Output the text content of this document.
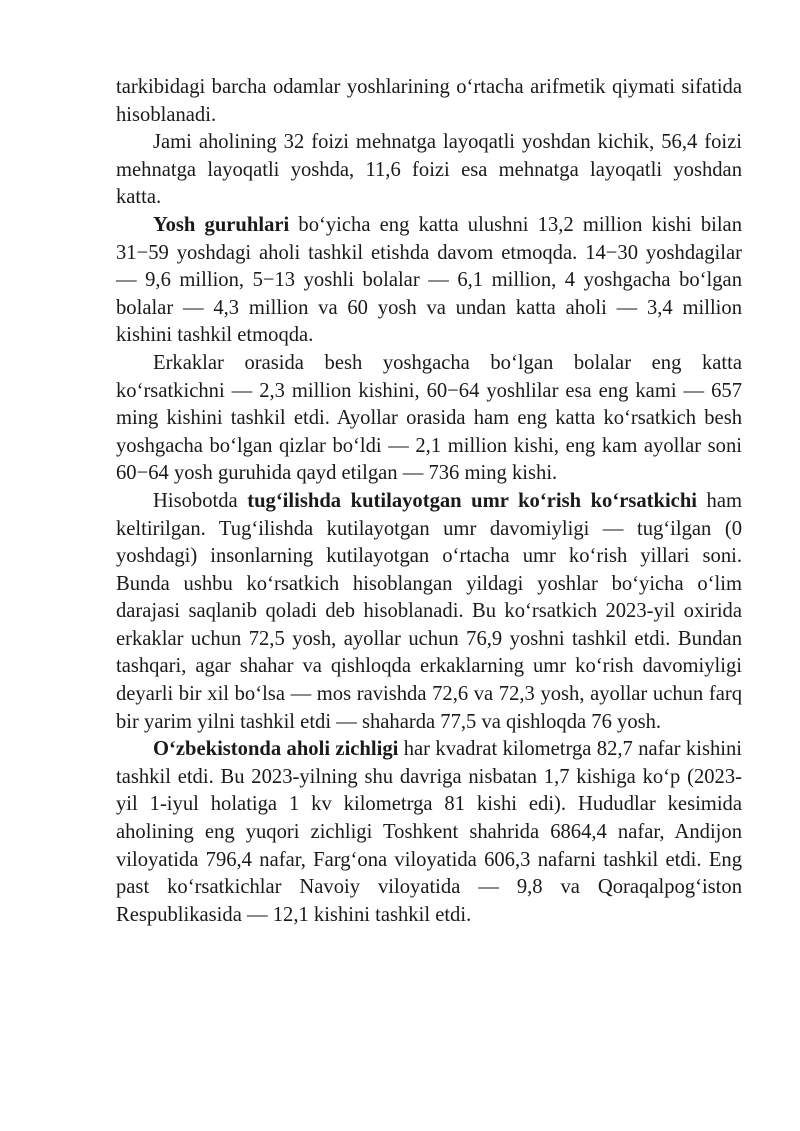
tarkibidagi barcha odamlar yoshlarining o‘rtacha arifmetik qiymati sifatida hisoblanadi.

Jami aholining 32 foizi mehnatga layoqatli yoshdan kichik, 56,4 foizi mehnatga layoqatli yoshda, 11,6 foizi esa mehnatga layoqatli yoshdan katta.

Yosh guruhlari bo‘yicha eng katta ulushni 13,2 million kishi bilan 31−59 yoshdagi aholi tashkil etishda davom etmoqda. 14−30 yoshdagilar — 9,6 million, 5−13 yoshli bolalar — 6,1 million, 4 yoshgacha bo‘lgan bolalar — 4,3 million va 60 yosh va undan katta aholi — 3,4 million kishini tashkil etmoqda.

Erkaklar orasida besh yoshgacha bo‘lgan bolalar eng katta ko‘rsatkichni — 2,3 million kishini, 60−64 yoshlilar esa eng kami — 657 ming kishini tashkil etdi. Ayollar orasida ham eng katta ko‘rsatkich besh yoshgacha bo‘lgan qizlar bo‘ldi — 2,1 million kishi, eng kam ayollar soni 60−64 yosh guruhida qayd etilgan — 736 ming kishi.

Hisobotda tug‘ilishda kutilayotgan umr ko‘rish ko‘rsatkichi ham keltirilgan. Tug‘ilishda kutilayotgan umr davomiyligi — tug‘ilgan (0 yoshdagi) insonlarning kutilayotgan o‘rtacha umr ko‘rish yillari soni. Bunda ushbu ko‘rsatkich hisoblangan yildagi yoshlar bo‘yicha o‘lim darajasi saqlanib qoladi deb hisoblanadi. Bu ko‘rsatkich 2023-yil oxirida erkaklar uchun 72,5 yosh, ayollar uchun 76,9 yoshni tashkil etdi. Bundan tashqari, agar shahar va qishloqda erkaklarning umr ko‘rish davomiyligi deyarli bir xil bo‘lsa — mos ravishda 72,6 va 72,3 yosh, ayollar uchun farq bir yarim yilni tashkil etdi — shaharda 77,5 va qishloqda 76 yosh.

O‘zbekistonda aholi zichligi har kvadrat kilometrga 82,7 nafar kishini tashkil etdi. Bu 2023-yilning shu davriga nisbatan 1,7 kishiga ko‘p (2023-yil 1-iyul holatiga 1 kv kilometrga 81 kishi edi). Hududlar kesimida aholining eng yuqori zichligi Toshkent shahrida 6864,4 nafar, Andijon viloyatida 796,4 nafar, Farg‘ona viloyatida 606,3 nafarni tashkil etdi. Eng past ko‘rsatkichlar Navoiy viloyatida — 9,8 va Qoraqalpog‘iston Respublikasida — 12,1 kishini tashkil etdi.
